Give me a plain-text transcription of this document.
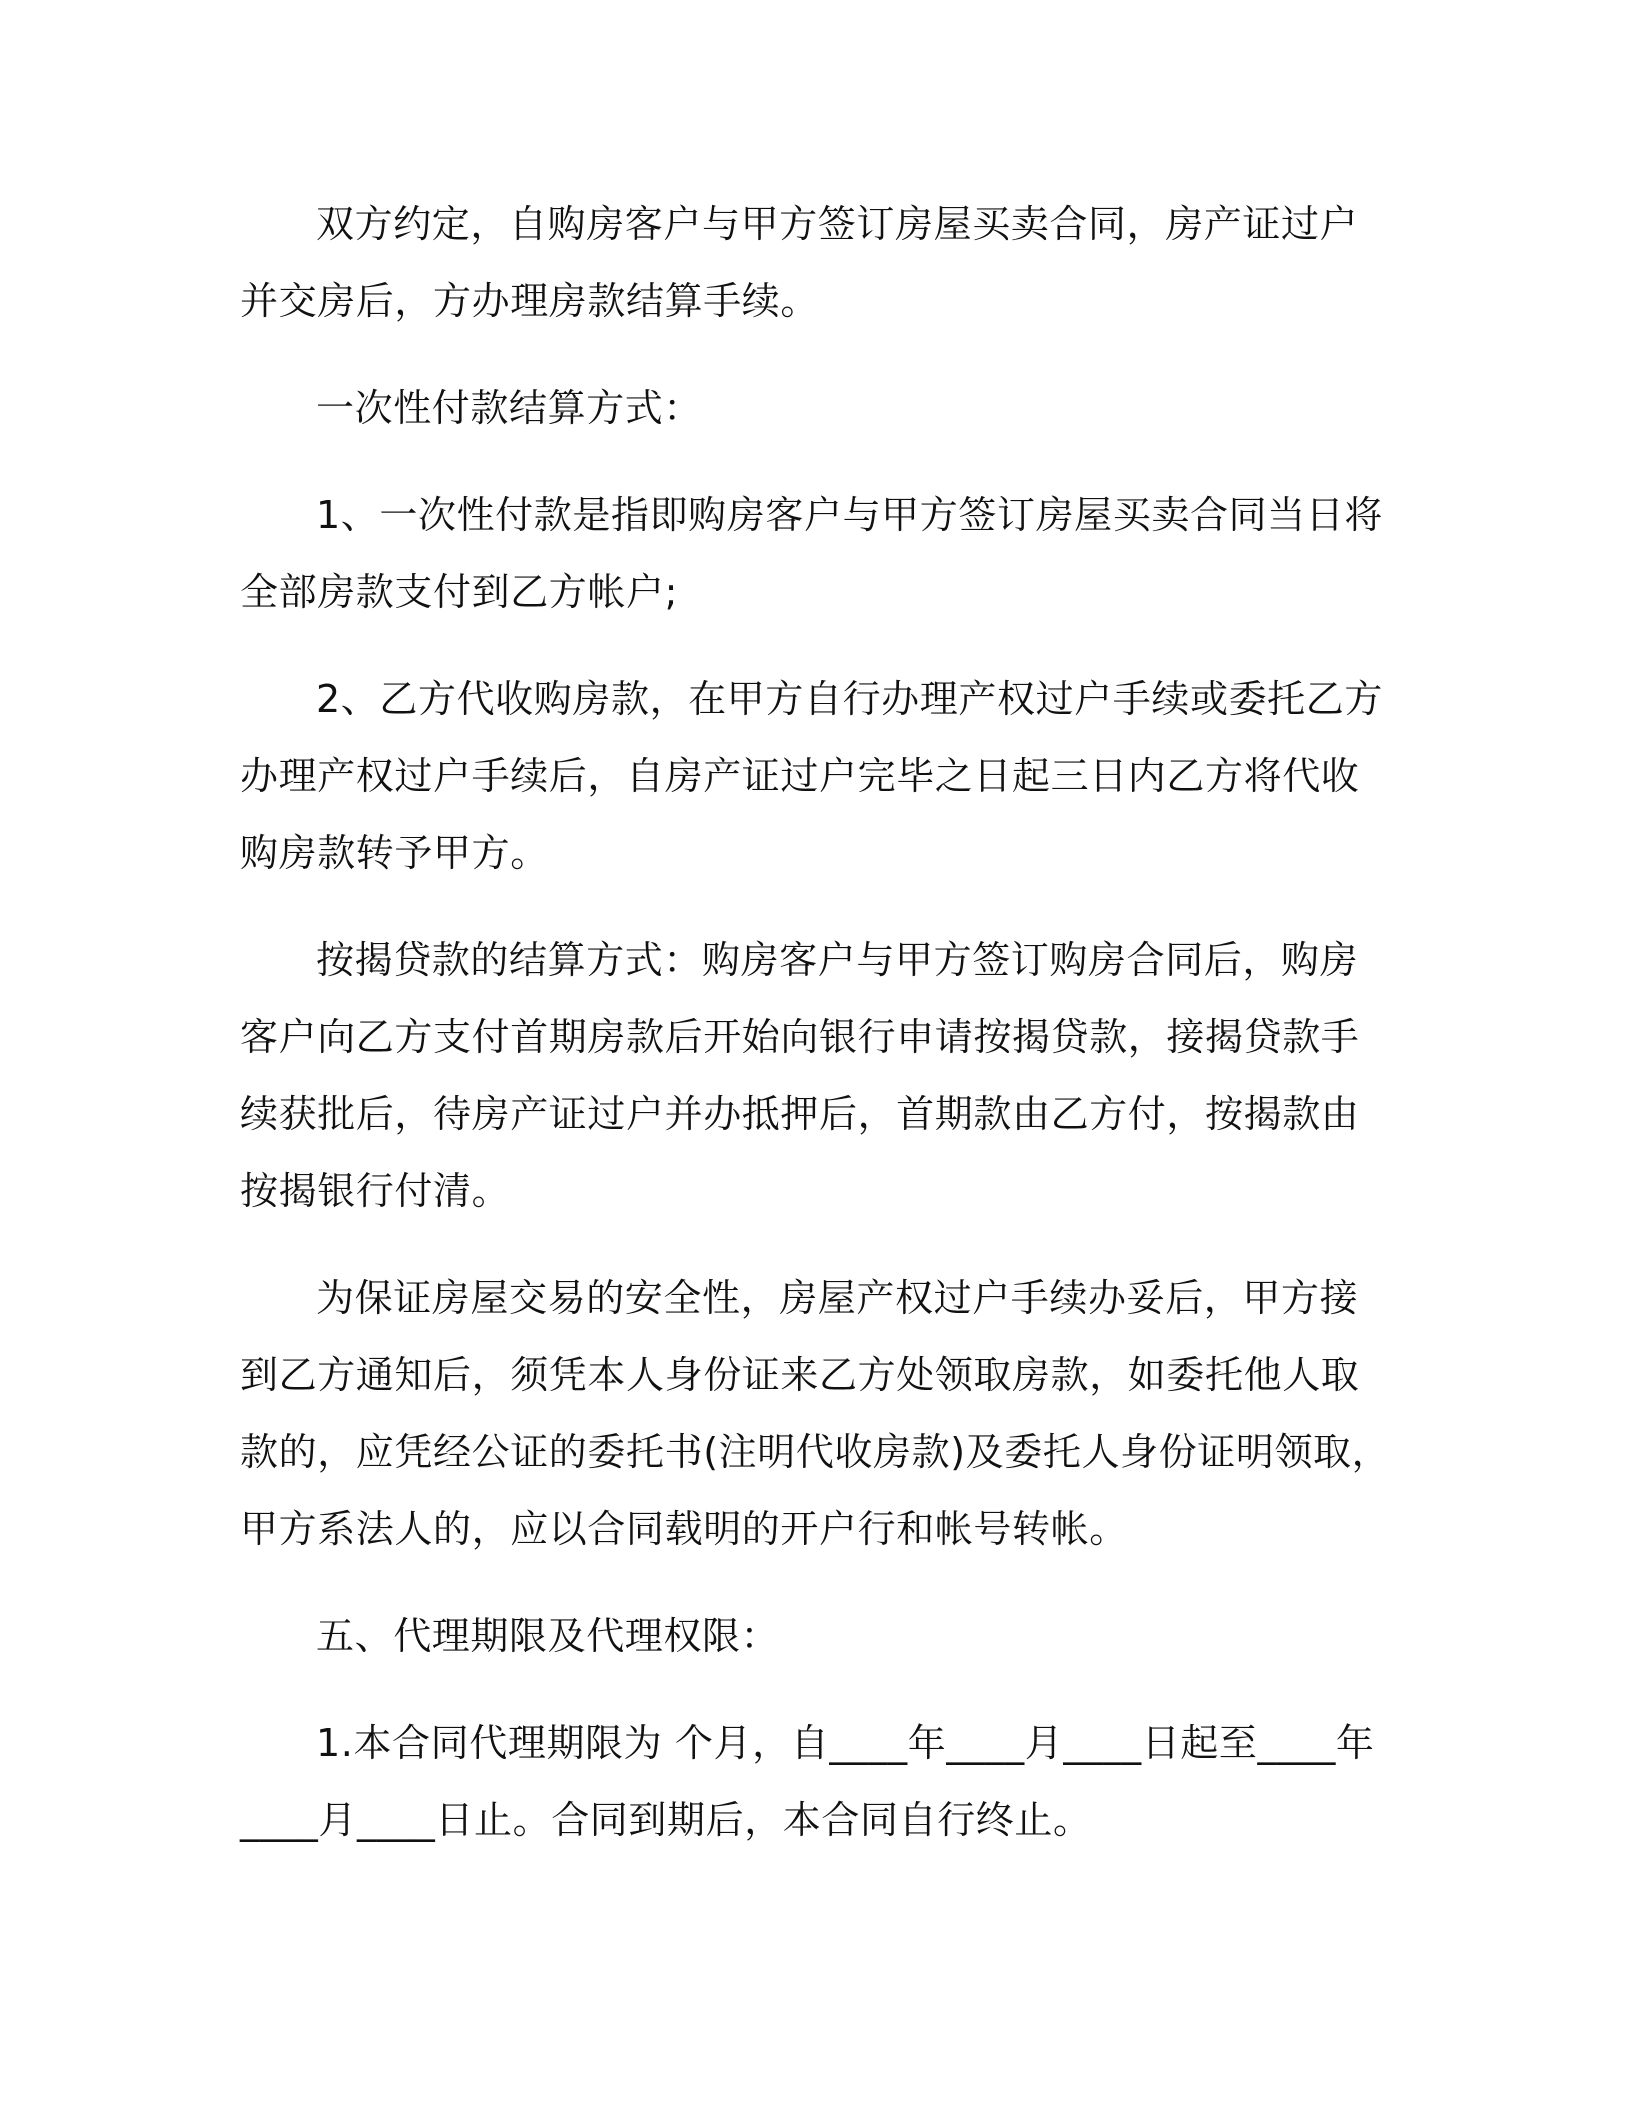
双方约定，自购房客户与甲方签订房屋买卖合同，房产证过户并交房后，方办理房款结算手续。

一次性付款结算方式：

1、一次性付款是指即购房客户与甲方签订房屋买卖合同当日将全部房款支付到乙方帐户;

2、乙方代收购房款，在甲方自行办理产权过户手续或委托乙方办理产权过户手续后，自房产证过户完毕之日起三日内乙方将代收购房款转予甲方。

按揭贷款的结算方式：购房客户与甲方签订购房合同后，购房客户向乙方支付首期房款后开始向银行申请按揭贷款，接揭贷款手续获批后，待房产证过户并办抵押后，首期款由乙方付，按揭款由按揭银行付清。

为保证房屋交易的安全性，房屋产权过户手续办妥后，甲方接到乙方通知后，须凭本人身份证来乙方处领取房款，如委托他人取款的，应凭经公证的委托书(注明代收房款)及委托人身份证明领取，甲方系法人的，应以合同载明的开户行和帐号转帐。

五、代理期限及代理权限：

1.本合同代理期限为 个月，自____年____月____日起至____年____月____日止。合同到期后，本合同自行终止。
